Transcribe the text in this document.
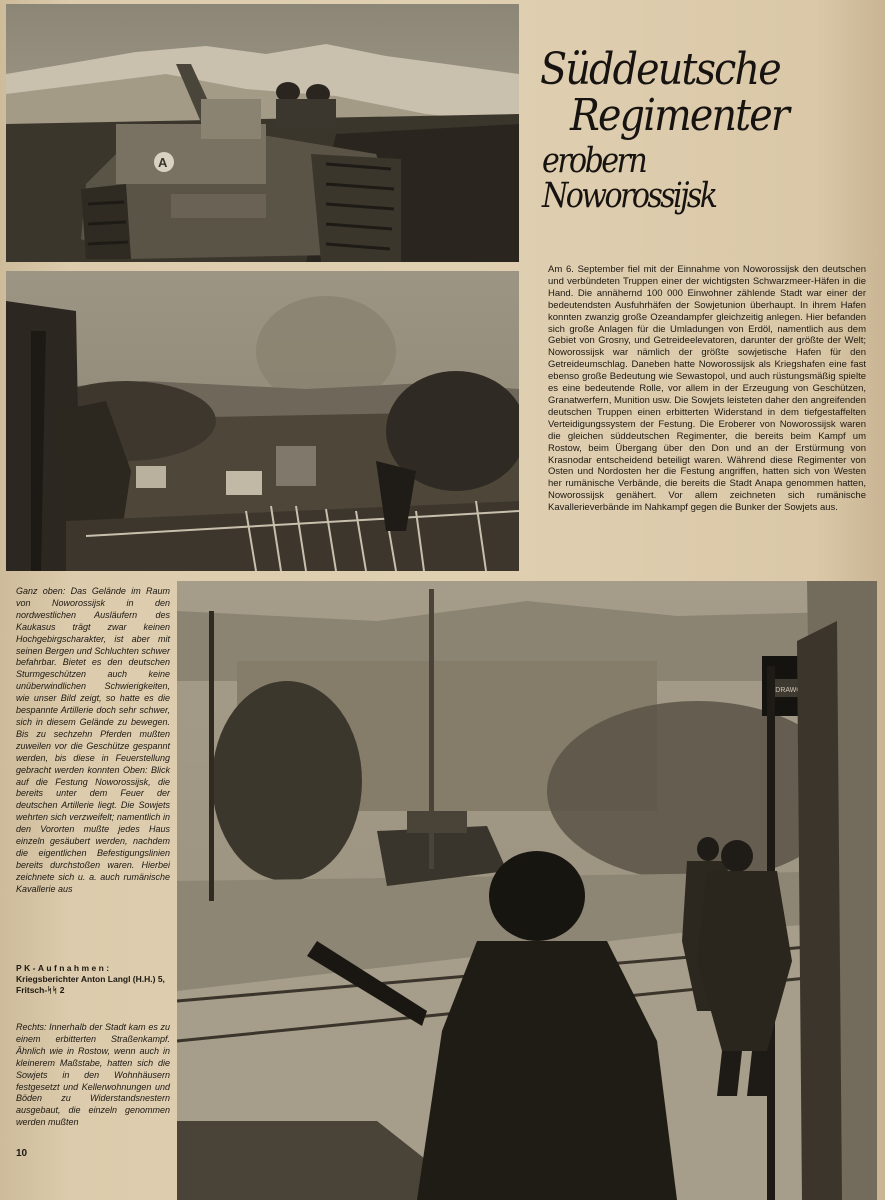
A
Süddeutsche
Regimenter
erobern Noworossijsk
Am 6. September fiel mit der Einnahme von Noworossijsk den deutschen und verbündeten Truppen einer der wichtigsten Schwarzmeer-Häfen in die Hand. Die annähernd 100 000 Einwohner zählende Stadt war einer der bedeutendsten Ausfuhrhäfen der Sowjetunion überhaupt. In ihrem Hafen konnten zwanzig große Ozeandampfer gleichzeitig anlegen. Hier befanden sich große Anlagen für die Umladungen von Erdöl, namentlich aus dem Gebiet von Grosny, und Getreideelevatoren, darunter der größte der Welt; Noworossijsk war nämlich der größte sowjetische Hafen für den Getreideumschlag. Daneben hatte Noworossijsk als Kriegshafen eine fast ebenso große Bedeutung wie Sewastopol, und auch rüstungsmäßig spielte es eine bedeutende Rolle, vor allem in der Erzeugung von Geschützen, Granatwerfern, Munition usw. Die Sowjets leisteten daher den angreifenden deutschen Truppen einen erbitterten Widerstand in dem tiefgestaffelten Verteidigungssystem der Festung. Die Eroberer von Noworossijsk waren die gleichen süddeutschen Regimenter, die bereits beim Kampf um Rostow, beim Übergang über den Don und an der Erstürmung von Krasnodar entscheidend beteiligt waren. Während diese Regimenter von Osten und Nordosten her die Festung angriffen, hatten sich von Westen her rumänische Verbände, die bereits die Stadt Anapa genommen hatten, Noworossijsk genähert. Vor allem zeichneten sich rumänische Kavallerieverbände im Nahkampf gegen die Bunker der Sowjets aus.
Ganz oben: Das Gelände im Raum von Noworossijsk in den nordwestlichen Ausläufern des Kaukasus trägt zwar keinen Hochgebirgscharakter, ist aber mit seinen Bergen und Schluchten schwer befahrbar. Bietet es den deutschen Sturmgeschützen auch keine unüberwindlichen Schwierigkeiten, wie unser Bild zeigt, so hatte es die bespannte Artillerie doch sehr schwer, sich in diesem Gelände zu bewegen. Bis zu sechzehn Pferden mußten zuweilen vor die Geschütze gespannt werden, bis diese in Feuerstellung gebracht werden konnten Oben: Blick auf die Festung Noworossijsk, die bereits unter dem Feuer der deutschen Artillerie liegt. Die Sowjets wehrten sich verzweifelt; namentlich in den Vororten mußte jedes Haus einzeln gesäubert werden, nachdem die eigentlichen Befestigungslinien bereits durchstoßen waren. Hierbei zeichnete sich u. a. auch rumänische Kavallerie aus
PK-Aufnahmen:
Kriegsberichter Anton Langl (H.H.) 5, Fritsch-ᛋᛋ 2
Rechts: Innerhalb der Stadt kam es zu einem erbitterten Straßenkampf. Ähnlich wie in Rostow, wenn auch in kleinerem Maßstabe, hatten sich die Sowjets in den Wohnhäusern festgesetzt und Kellerwohnungen und Böden zu Widerstandsnestern ausgebaut, die einzeln genommen werden mußten
10
